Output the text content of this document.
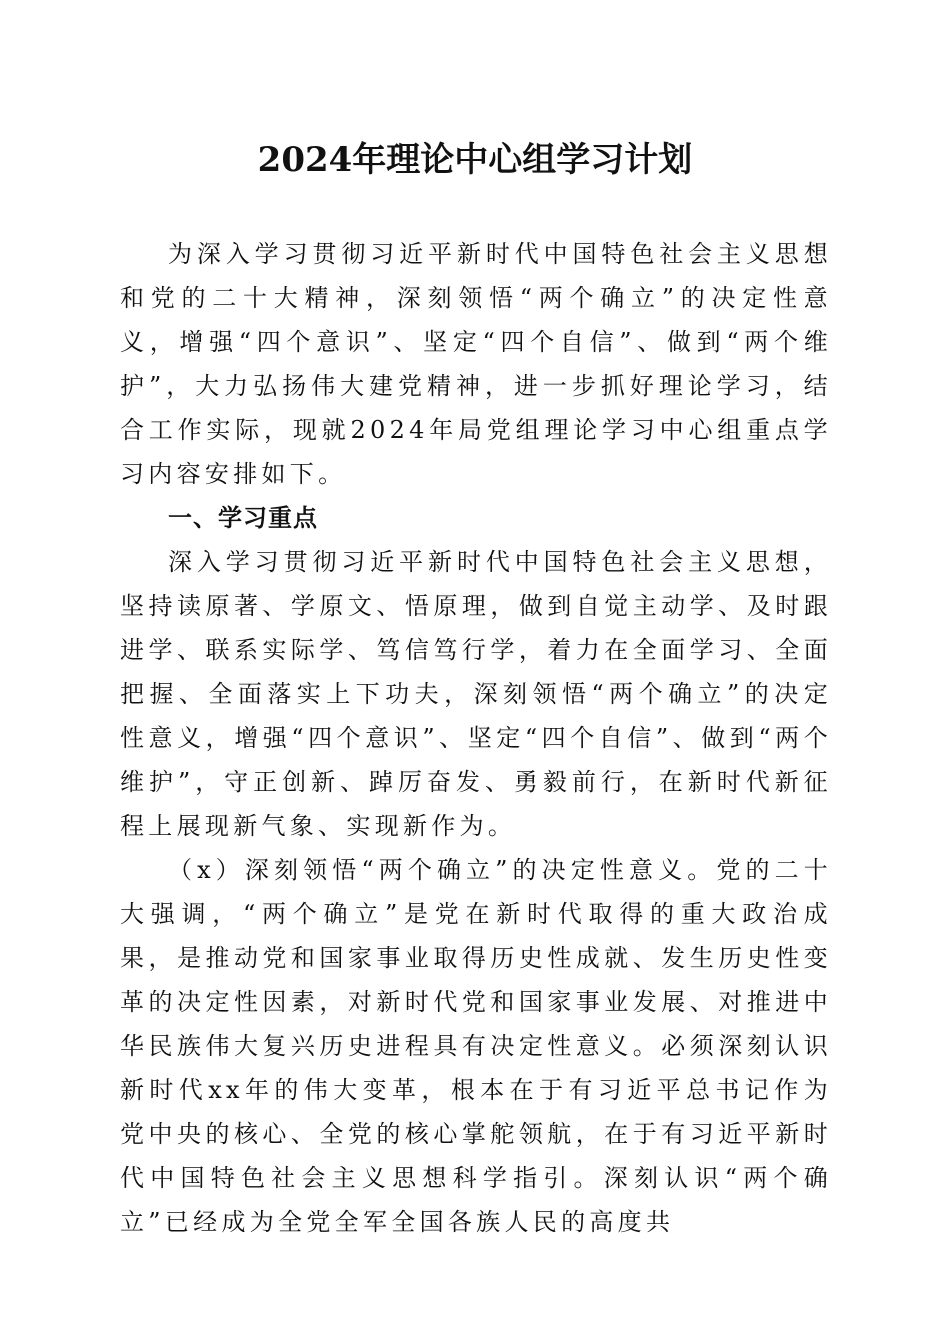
2024年理论中心组学习计划

为深入学习贯彻习近平新时代中国特色社会主义思想和党的二十大精神，深刻领悟“两个确立”的决定性意义，增强“四个意识”、坚定“四个自信”、做到“两个维护”，大力弘扬伟大建党精神，进一步抓好理论学习，结合工作实际，现就2024年局党组理论学习中心组重点学习内容安排如下。

一、学习重点

深入学习贯彻习近平新时代中国特色社会主义思想，坚持读原著、学原文、悟原理，做到自觉主动学、及时跟进学、联系实际学、笃信笃行学，着力在全面学习、全面把握、全面落实上下功夫，深刻领悟“两个确立”的决定性意义，增强“四个意识”、坚定“四个自信”、做到“两个维护”，守正创新、踔厉奋发、勇毅前行，在新时代新征程上展现新气象、实现新作为。

（x）深刻领悟“两个确立”的决定性意义。党的二十大强调，“两个确立”是党在新时代取得的重大政治成果，是推动党和国家事业取得历史性成就、发生历史性变革的决定性因素，对新时代党和国家事业发展、对推进中华民族伟大复兴历史进程具有决定性意义。必须深刻认识新时代xx年的伟大变革，根本在于有习近平总书记作为党中央的核心、全党的核心掌舵领航，在于有习近平新时代中国特色社会主义思想科学指引。深刻认识“两个确立”已经成为全党全军全国各族人民的高度共
